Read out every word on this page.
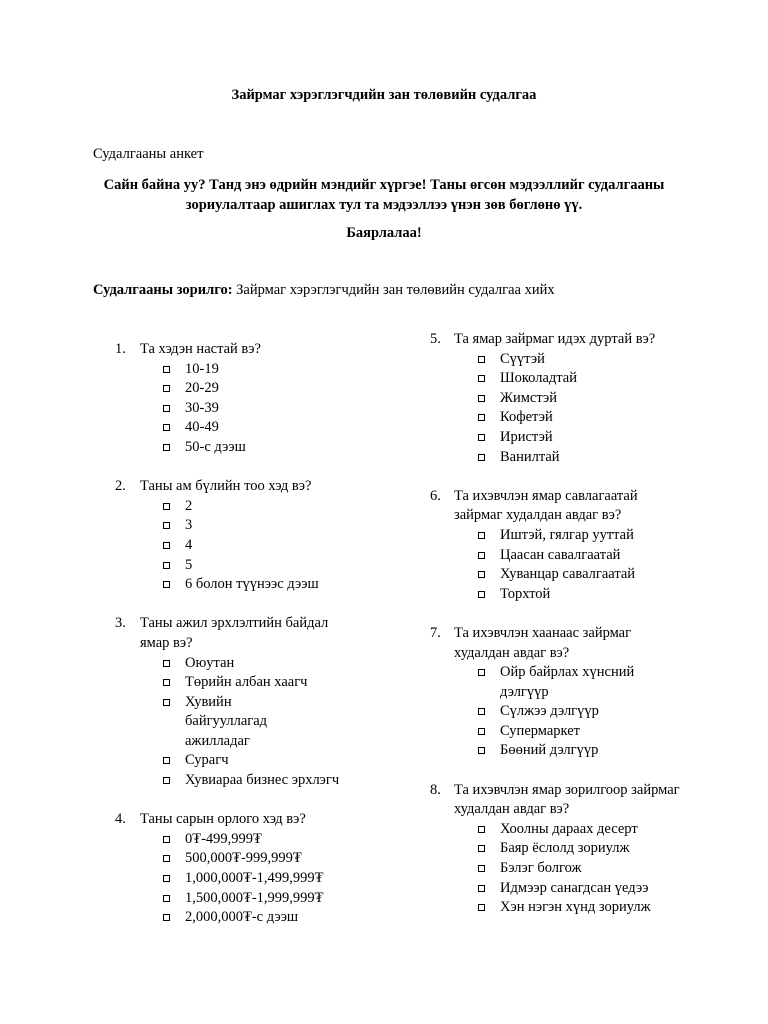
Зайрмаг хэрэглэгчдийн зан төлөвийн судалгаа
Судалгааны анкет
Сайн байна уу? Танд энэ өдрийн мэндийг хүргэе! Таны өгсөн мэдээллийг судалгааны зориулалтаар ашиглах тул та мэдээллээ үнэн зөв бөглөнө үү.
Баярлалаа!
Судалгааны зорилго: Зайрмаг хэрэглэгчдийн зан төлөвийн судалгаа хийх
1. Та хэдэн настай вэ?
10-19
20-29
30-39
40-49
50-с дээш
2. Таны ам бүлийн тоо хэд вэ?
2
3
4
5
6 болон түүнээс дээш
3. Таны ажил эрхлэлтийн байдал ямар вэ?
Оюутан
Төрийн албан хаагч
Хувийн байгууллагад ажилладаг
Сурагч
Хувиараа бизнес эрхлэгч
4. Таны сарын орлого хэд вэ?
0₮-499,999₮
500,000₮-999,999₮
1,000,000₮-1,499,999₮
1,500,000₮-1,999,999₮
2,000,000₮-с дээш
5. Та ямар зайрмаг идэх дуртай вэ?
Сүүтэй
Шоколадтай
Жимстэй
Кофетэй
Иристэй
Ванилтай
6. Та ихэвчлэн ямар савлагаатай зайрмаг худалдан авдаг вэ?
Иштэй, гялгар ууттай
Цаасан савалгаатай
Хуванцар савалгаатай
Торхтой
7. Та ихэвчлэн хаанаас зайрмаг худалдан авдаг вэ?
Ойр байрлах хүнсний дэлгүүр
Сүлжээ дэлгүүр
Супермаркет
Бөөний дэлгүүр
8. Та ихэвчлэн ямар зорилгоор зайрмаг худалдан авдаг вэ?
Хоолны дараах десерт
Баяр ёслолд зориулж
Бэлэг болгож
Идмээр санагдсан үедээ
Хэн нэгэн хүнд зориулж
